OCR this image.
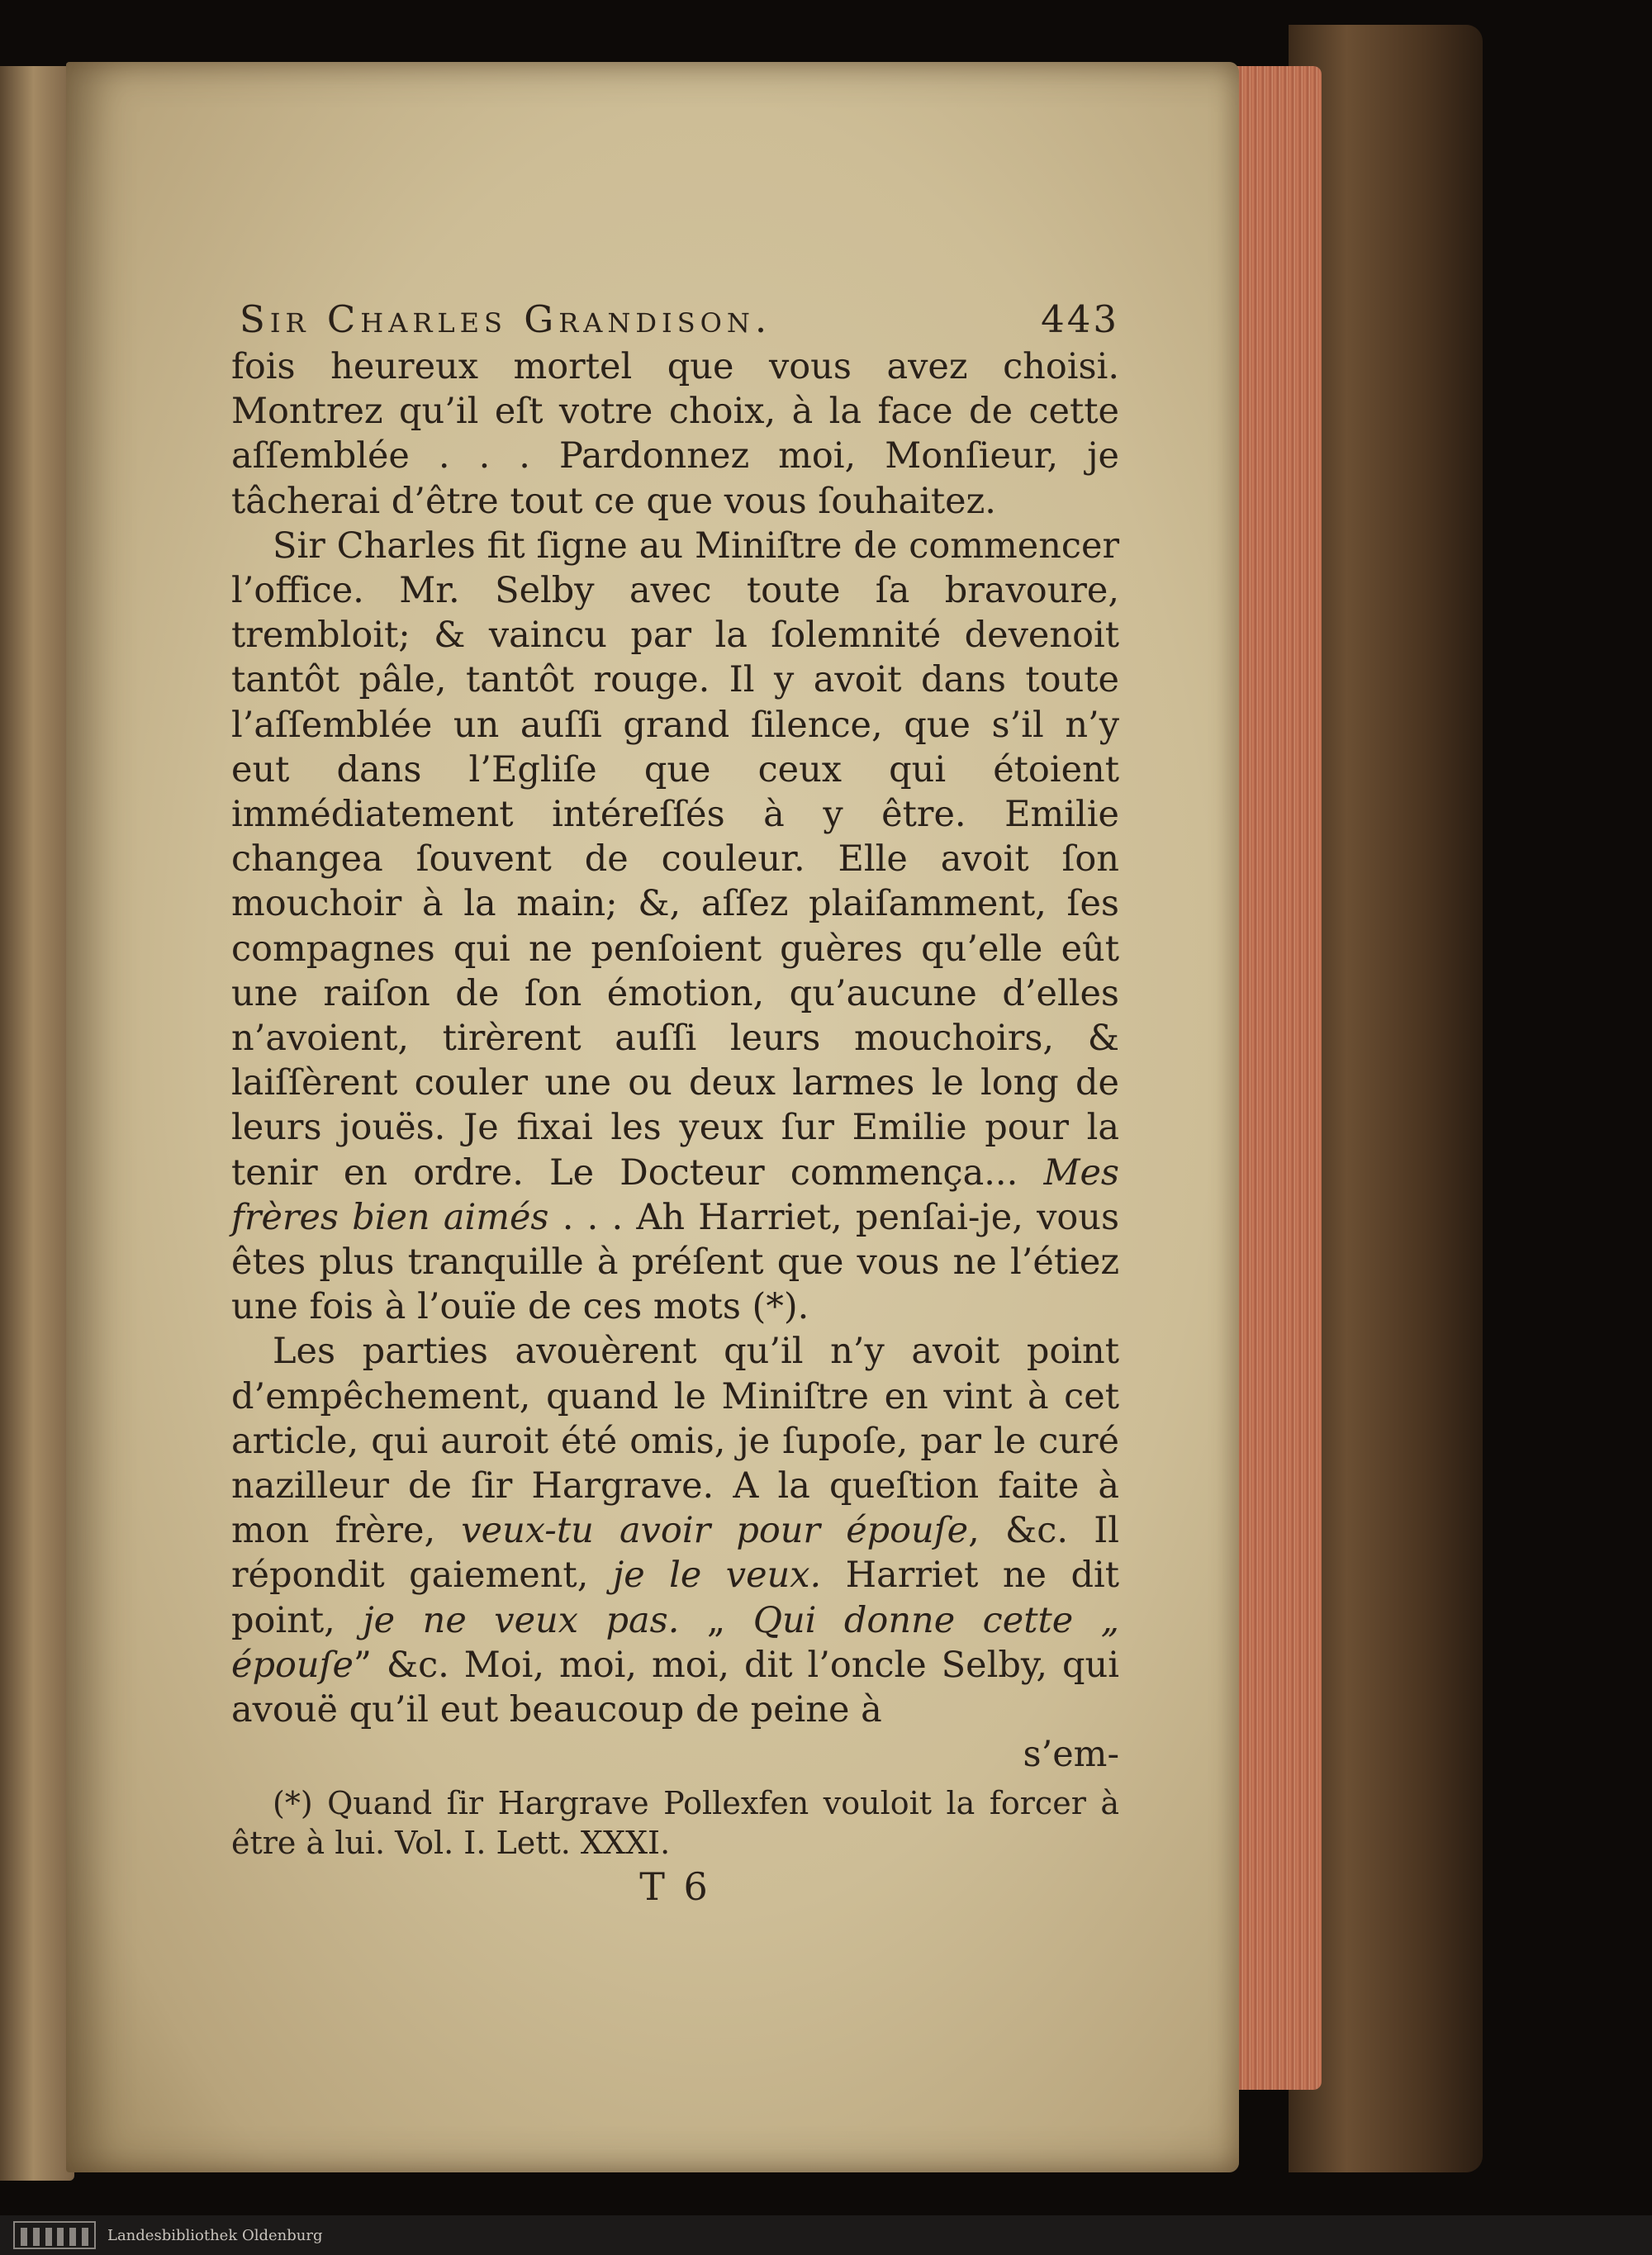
Sir Charles Grandison.	443

fois heureux mortel que vous avez choisi. Montrez qu’il eſt votre choix, à la face de cette aſſemblée . . . Pardonnez moi, Monſieur, je tâcherai d’être tout ce que vous ſouhaitez.

Sir Charles fit ſigne au Miniſtre de commencer l’office. Mr. Selby avec toute ſa bravoure, trembloit; & vaincu par la ſolemnité devenoit tantôt pâle, tantôt rouge. Il y avoit dans toute l’aſſemblée un auſſi grand ſilence, que s’il n’y eut dans l’Egliſe que ceux qui étoient immédiatement intéreſſés à y être. Emilie changea ſouvent de couleur. Elle avoit ſon mouchoir à la main; &, aſſez plaiſamment, ſes compagnes qui ne penſoient guères qu’elle eût une raiſon de ſon émotion, qu’aucune d’elles n’avoient, tirèrent auſſi leurs mouchoirs, & laiſſèrent couler une ou deux larmes le long de leurs jouës. Je fixai les yeux ſur Emilie pour la tenir en ordre. Le Docteur commença... Mes frères bien aimés . . . Ah Harriet, penſai-je, vous êtes plus tranquille à préſent que vous ne l’étiez une fois à l’ouïe de ces mots (*).

Les parties avouèrent qu’il n’y avoit point d’empêchement, quand le Miniſtre en vint à cet article, qui auroit été omis, je ſupoſe, par le curé nazilleur de ſir Hargrave. A la queſtion faite à mon frère, veux-tu avoir pour épouſe, &c. Il répondit gaiement, je le veux. Harriet ne dit point, je ne veux pas. „ Qui donne cette „ épouſe” &c. Moi, moi, moi, dit l’oncle Selby, qui avouë qu’il eut beaucoup de peine à

s’em-
(*) Quand ſir Hargrave Pollexfen vouloit la forcer à être à lui. Vol. I. Lett. XXXI.
T 6
Landesbibliothek Oldenburg
